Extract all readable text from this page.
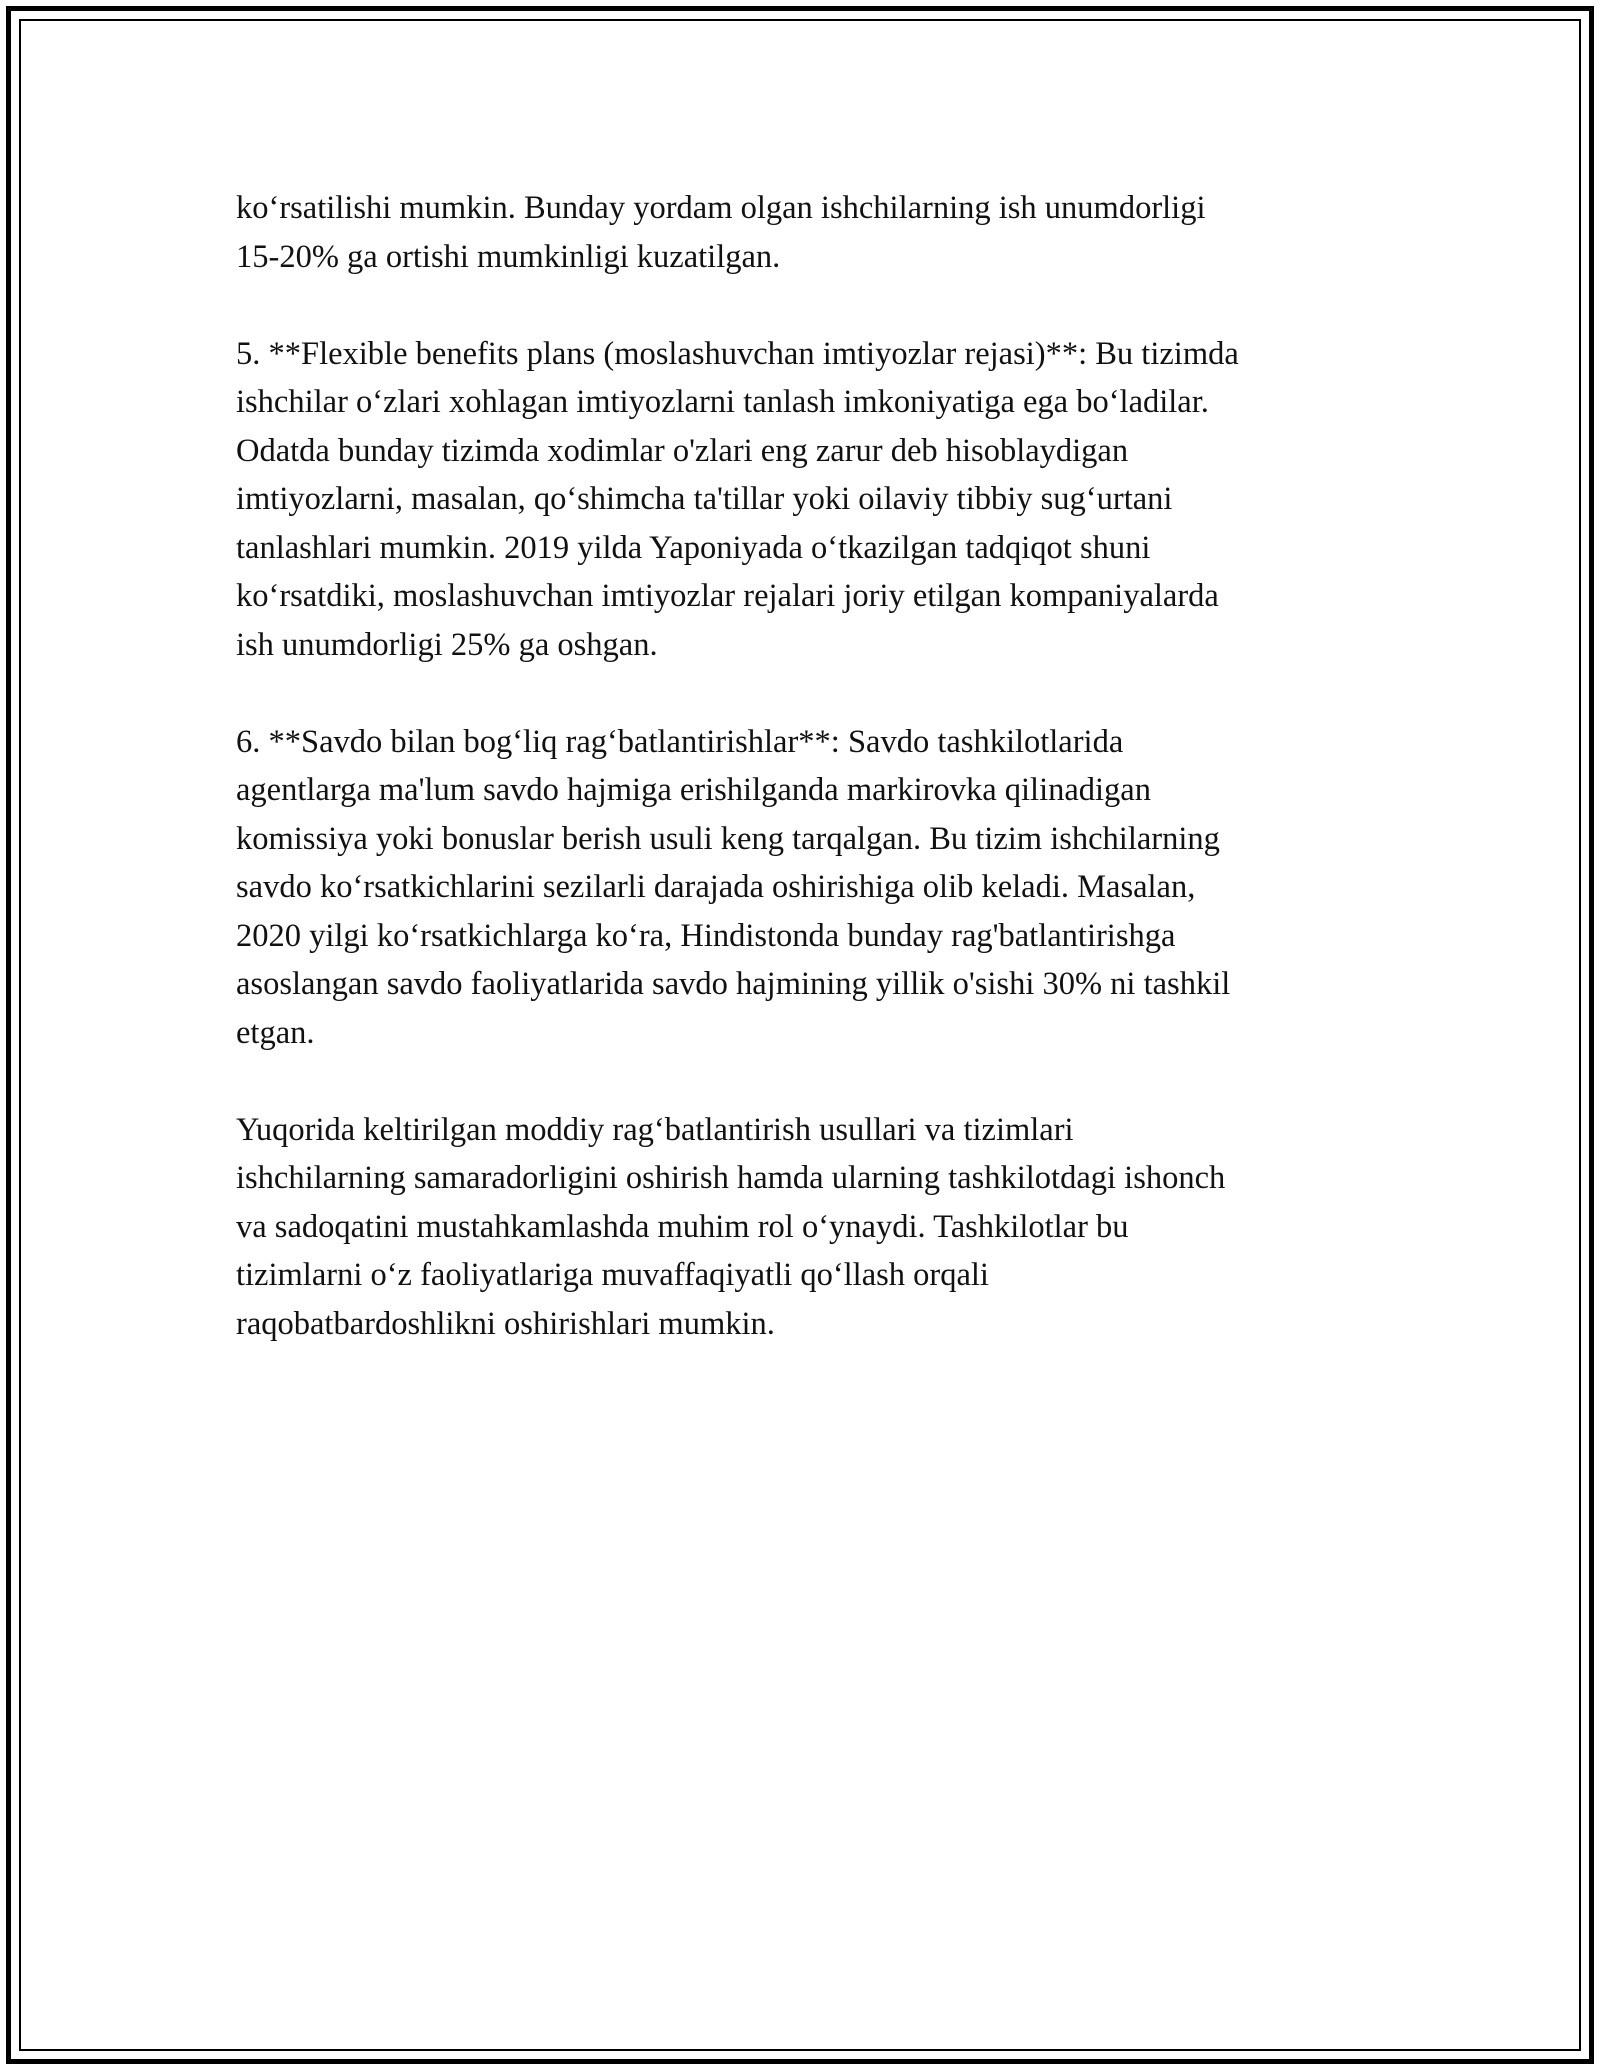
ko‘rsatilishi mumkin. Bunday yordam olgan ishchilarning ish unumdorligi
15-20% ga ortishi mumkinligi kuzatilgan.

5. **Flexible benefits plans (moslashuvchan imtiyozlar rejasi)**: Bu tizimda
ishchilar o‘zlari xohlagan imtiyozlarni tanlash imkoniyatiga ega bo‘ladilar.
Odatda bunday tizimda xodimlar o'zlari eng zarur deb hisoblaydigan
imtiyozlarni, masalan, qo‘shimcha ta'tillar yoki oilaviy tibbiy sug‘urtani
tanlashlari mumkin. 2019 yilda Yaponiyada o‘tkazilgan tadqiqot shuni
ko‘rsatdiki, moslashuvchan imtiyozlar rejalari joriy etilgan kompaniyalarda
ish unumdorligi 25% ga oshgan.

6. **Savdo bilan bog‘liq rag‘batlantirishlar**: Savdo tashkilotlarida
agentlarga ma'lum savdo hajmiga erishilganda markirovka qilinadigan
komissiya yoki bonuslar berish usuli keng tarqalgan. Bu tizim ishchilarning
savdo ko‘rsatkichlarini sezilarli darajada oshirishiga olib keladi. Masalan,
2020 yilgi ko‘rsatkichlarga ko‘ra, Hindistonda bunday rag'batlantirishga
asoslangan savdo faoliyatlarida savdo hajmining yillik o'sishi 30% ni tashkil
etgan.

Yuqorida keltirilgan moddiy rag‘batlantirish usullari va tizimlari
ishchilarning samaradorligini oshirish hamda ularning tashkilotdagi ishonch
va sadoqatini mustahkamlashda muhim rol o‘ynaydi. Tashkilotlar bu
tizimlarni o‘z faoliyatlariga muvaffaqiyatli qo‘llash orqali
raqobatbardoshlikni oshirishlari mumkin.
